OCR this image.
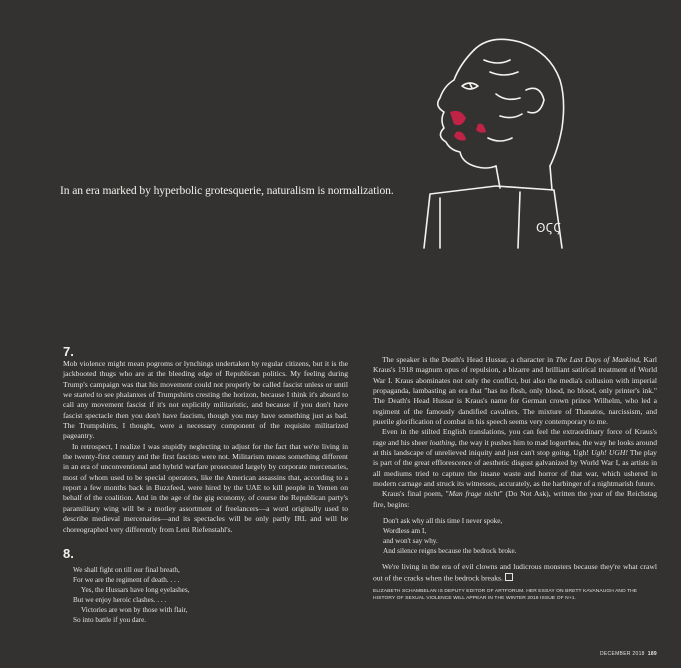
ʘϚϚ
In an era marked by hyperbolic grotesquerie, naturalism is normalization.
7.

Mob violence might mean pogroms or lynchings undertaken by regular citizens, but it is the jackbooted thugs who are at the bleeding edge of Republican politics. My feeling during Trump's campaign was that his movement could not properly be called fascist unless or until we started to see phalanxes of Trumpshirts cresting the horizon, because I think it's absurd to call any movement fascist if it's not explicitly militaristic, and because if you don't have fascist spectacle then you don't have fascism, though you may have something just as bad. The Trumpshirts, I thought, were a necessary component of the requisite militarized pageantry.

In retrospect, I realize I was stupidly neglecting to adjust for the fact that we're living in the twenty-first century and the first fascists were not. Militarism means something different in an era of unconventional and hybrid warfare prosecuted largely by corporate mercenaries, most of whom used to be special operators, like the American assassins that, according to a report a few months back in Buzzfeed, were hired by the UAE to kill people in Yemen on behalf of the coalition. And in the age of the gig economy, of course the Republican party's paramilitary wing will be a motley assortment of freelancers—a word originally used to describe medieval mercenaries—and its spectacles will be only partly IRL and will be choreographed very differently from Leni Riefenstahl's.

8.
We shall fight on till our final breath,
For we are the regiment of death. . . .
Yes, the Hussars have long eyelashes,
But we enjoy heroic clashes. . . .
Victories are won by those with flair,
So into battle if you dare.

The speaker is the Death's Head Hussar, a character in The Last Days of Mankind, Karl Kraus's 1918 magnum opus of repulsion, a bizarre and brilliant satirical treatment of World War I. Kraus abominates not only the conflict, but also the media's collusion with imperial propaganda, lambasting an era that "has no flesh, only blood, no blood, only printer's ink." The Death's Head Hussar is Kraus's name for German crown prince Wilhelm, who led a regiment of the famously dandified cavaliers. The mixture of Thanatos, narcissism, and puerile glorification of combat in his speech seems very contemporary to me.

Even in the stilted English translations, you can feel the extraordinary force of Kraus's rage and his sheer loathing, the way it pushes him to mad logorrhea, the way he looks around at this landscape of unrelieved iniquity and just can't stop going, Ugh! Ugh! UGH! The play is part of the great efflorescence of aesthetic disgust galvanized by World War I, as artists in all mediums tried to capture the insane waste and horror of that war, which ushered in modern carnage and struck its witnesses, accurately, as the harbinger of a nightmarish future.

Kraus's final poem, "Man frage nicht" (Do Not Ask), written the year of the Reichstag fire, begins:

Don't ask why all this time I never spoke,
Wordless am I,
and won't say why.
And silence reigns because the bedrock broke.

We're living in the era of evil clowns and ludicrous monsters because they're what crawl out of the cracks when the bedrock breaks.

ELIZABETH SCHAMBELAN IS DEPUTY EDITOR OF ARTFORUM. HER ESSAY ON BRETT KAVANAUGH AND THE HISTORY OF SEXUAL VIOLENCE WILL APPEAR IN THE WINTER 2019 ISSUE OF N+1.
DECEMBER 2018 189
